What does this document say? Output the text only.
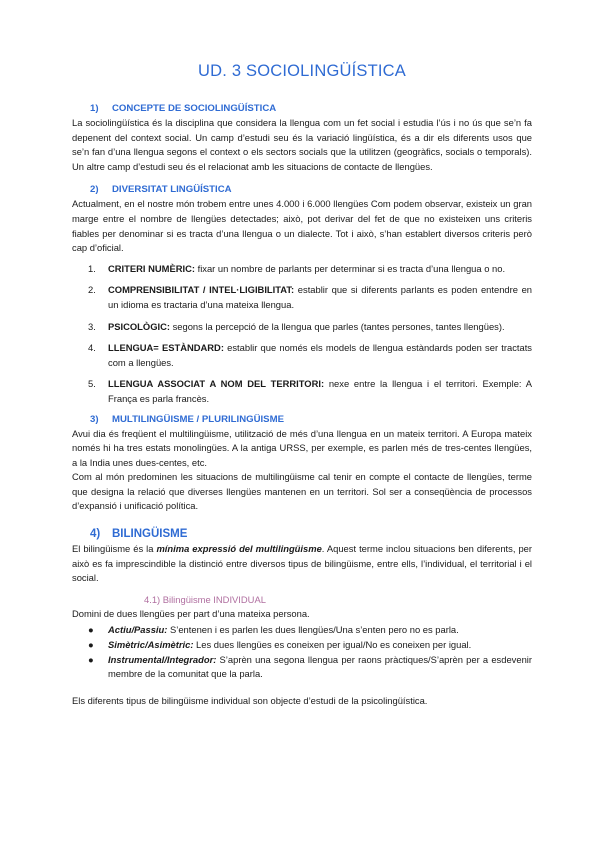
UD. 3 SOCIOLINGÜÍSTICA
1) CONCEPTE DE SOCIOLINGÜÍSTICA

La sociolingüística és la disciplina que considera la llengua com un fet social i estudia l’ús i no ús que se’n fa depenent del context social. Un camp d’estudi seu és la variació lingüística, és a dir els diferents usos que se’n fan d’una llengua segons el context o els sectors socials que la utilitzen (geogràfics, socials o temporals). Un altre camp d’estudi seu és el relacionat amb les situacions de contacte de llengües.

2) DIVERSITAT LINGÜÍSTICA

Actualment, en el nostre món trobem entre unes 4.000 i 6.000 llengües Com podem observar, existeix un gran marge entre el nombre de llengües detectades; això, pot derivar del fet de que no existeixen uns criteris fiables per denominar si es tracta d’una llengua o un dialecte. Tot i això, s’han establert diversos criteris però cap d’oficial.

1. CRITERI NUMÈRIC: fixar un nombre de parlants per determinar si es tracta d’una llengua o no.
2. COMPRENSIBILITAT / INTEL·LIGIBILITAT: establir que si diferents parlants es poden entendre en un idioma es tractaria d’una mateixa llengua.
3. PSICOLÒGIC: segons la percepció de la llengua que parles (tantes persones, tantes llengües).
4. LLENGUA= ESTÀNDARD: establir que només els models de llengua estàndards poden ser tractats com a llengües.
5. LLENGUA ASSOCIAT A NOM DEL TERRITORI: nexe entre la llengua i el territori. Exemple: A França es parla francès.
3) MULTILINGÜISME / PLURILINGÜISME

Avui dia és freqüent el multilingüisme, utilització de més d’una llengua en un mateix territori. A Europa mateix només hi ha tres estats monolingües. A la antiga URSS, per exemple, es parlen més de tres-centes llengües, a la India unes dues-centes, etc.

Com al món predominen les situacions de multilingüisme cal tenir en compte el contacte de llengües, terme que designa la relació que diverses llengües mantenen en un territori. Sol ser a conseqüència de processos d’expansió i unificació política.

4) BILINGÜISME

El bilingüisme és la mínima expressió del multilingüisme. Aquest terme inclou situacions ben diferents, per això es fa imprescindible la distinció entre diversos tipus de bilingüisme, entre ells, l’individual, el territorial i el social.

4.1) Bilingüisme INDIVIDUAL

Domini de dues llengües per part d’una mateixa persona.

● Actiu/Passiu: S’entenen i es parlen les dues llengües/Una s’enten pero no es parla.
● Simètric/Asimètric: Les dues llengües es coneixen per igual/No es coneixen per igual.
● Instrumental/Integrador: S’aprèn una segona llengua per raons pràctiques/S’aprèn per a esdevenir membre de la comunitat que la parla.

Els diferents tipus de bilingüisme individual son objecte d’estudi de la psicolingüística.
